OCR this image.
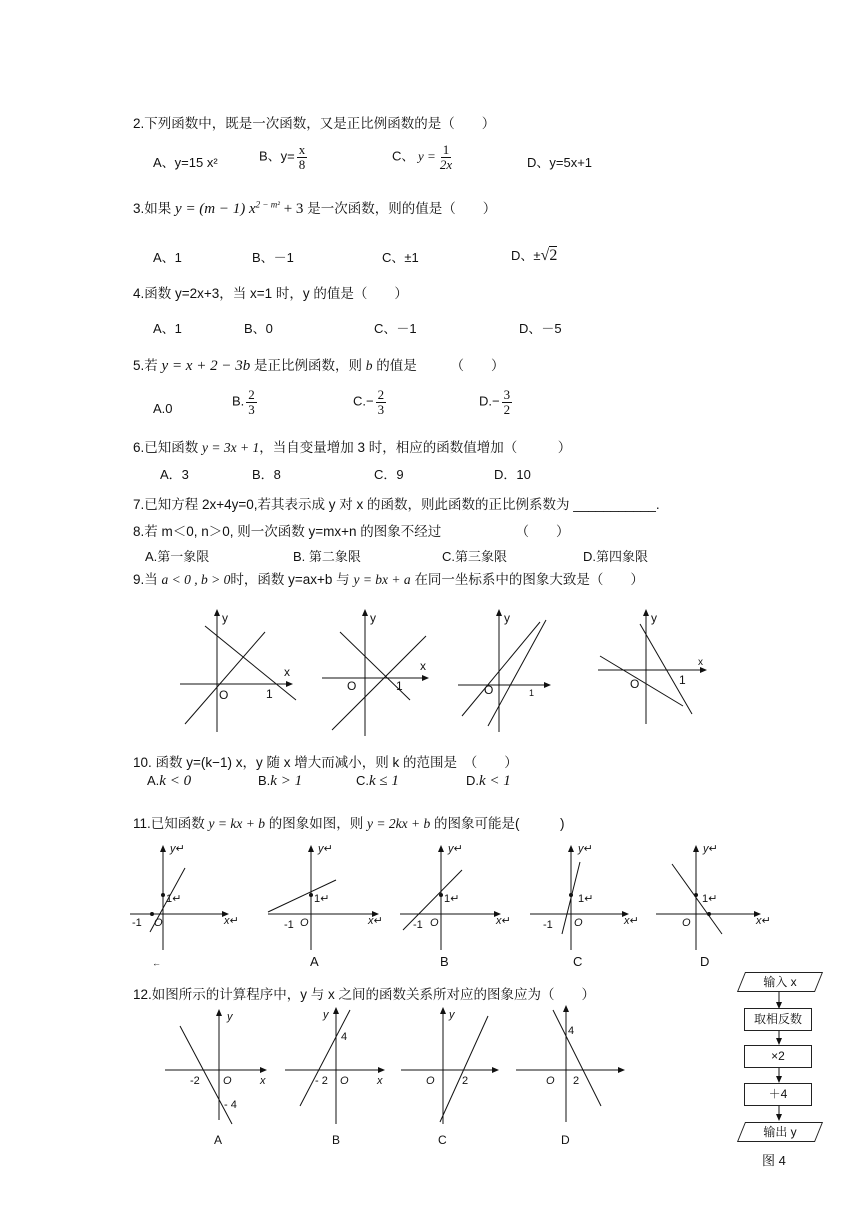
2.下列函数中，既是一次函数，又是正比例函数的是（　　）
A、y=15 x²	B、$y= \frac{x}{8}$	C、 $y = \frac{1}{2x}$	D、y=5x+1
3.如果 y = (m − 1) $x^{2 - m^2} + 3$ 是一次函数，则的值是（　　）
A、1	B、－1	C、±1	D、±√2
4.函数 y=2x+3，当 x=1 时，y 的值是（　　）
A、1	B、0	C、－1	D、－5
5.若 y = x + 2 − 3b 是正比例函数，则 b 的值是　　　（　　）
A.0	B. $\frac{2}{3}$	$C.- \frac{2}{3}$	$D.- \frac{3}{2}$
6.已知函数 y = 3x + 1，当自变量增加 3 时，相应的函数值增加（　　　）
A．3	B．8	C．9	D．10
7.已知方程 2x+4y=0,若其表示成 y 对 x 的函数，则此函数的正比例系数为 ___________.
8.若 m＜0, n＞0, 则一次函数 y=mx+n 的图象不经过　　　　　　（　　）
A.第一象限	B. 第二象限	C.第三象限	D.第四象限
9.当 a < 0 , b > 0时，函数 y=ax+b 与 y = bx + a 在同一坐标系中的图象大致是（　　）
y
x
O	1
y
x
O	1
y
O	1
y
x
O	1
10. 函数 y=(k−1) x，y 随 x 增大而减小，则 k 的范围是　（　　）
A.k < 0	B.k > 1	C.k ≤ 1	D.k < 1
11.已知函数 y = kx + b 的图象如图，则 y = 2kx + b 的图象可能是(　　　)
y↵
x↵
O
1↵
-1
y↵
x↵
O
1↵
-1
y↵
x↵
O
1↵
-1
y↵
x↵
O
1↵
-1
y↵
x↵
O
1↵
←	A	B	C	D
12.如图所示的计算程序中，y 与 x 之间的函数关系所对应的图象应为（　　）
y
x
O
-2
- 4
y
x
O
- 2
4
y
O 2	O 2
4
A	B	C	D
输入 x
取相反数
×2
＋4
输出 y
图 4
